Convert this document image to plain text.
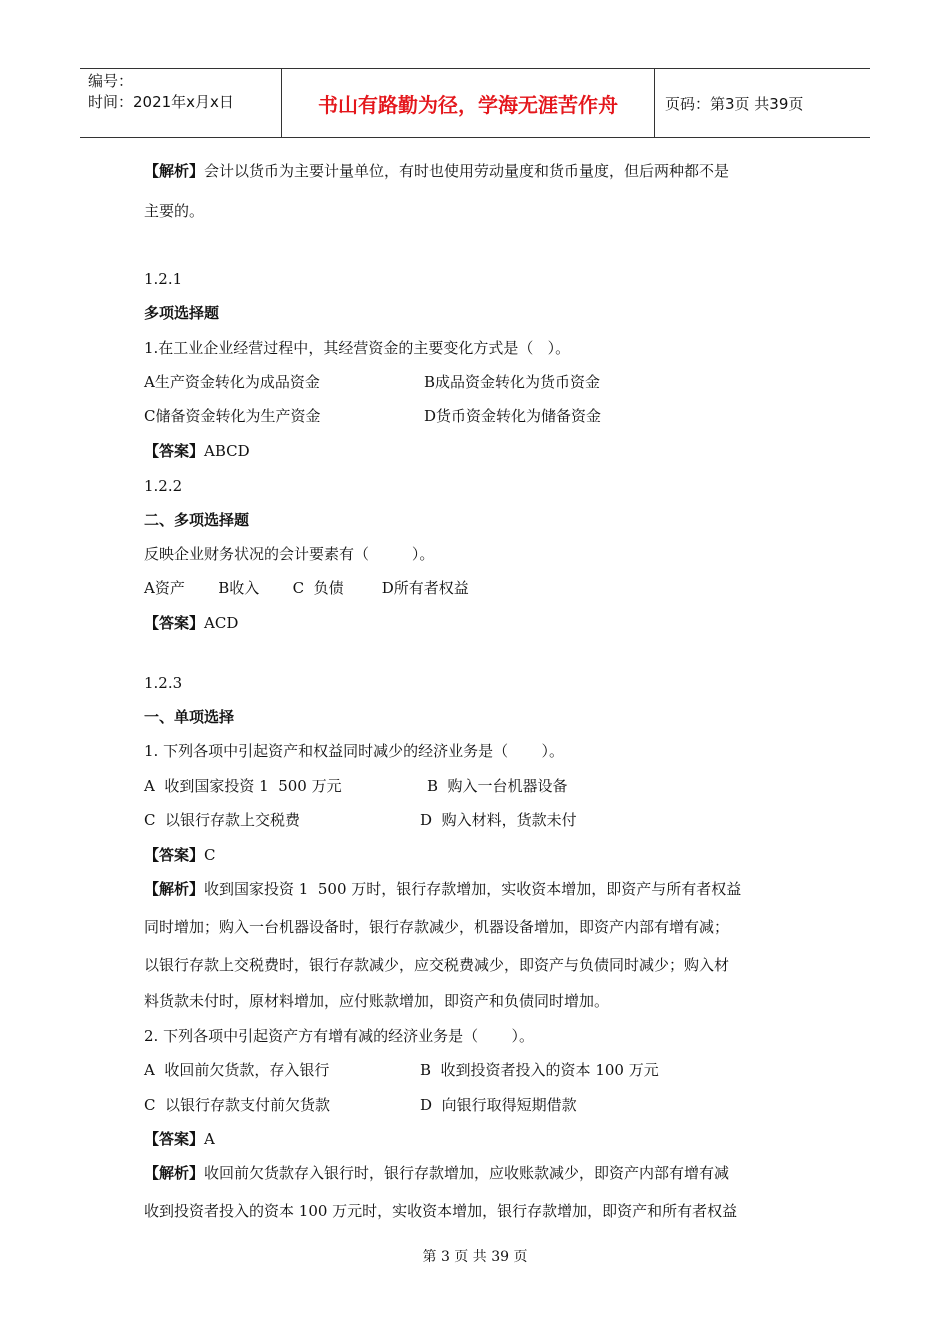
编号：
时间：2021年x月x日	书山有路勤为径，学海无涯苦作舟	页码：第3页 共39页
【解析】会计以货币为主要计量单位，有时也使用劳动量度和货币量度，但后两种都不是
主要的。
1.2.1
多项选择题
1.在工业企业经营过程中，其经营资金的主要变化方式是（   ）。
A生产资金转化为成品资金	B成品资金转化为货币资金
C储备资金转化为生产资金	D货币资金转化为储备资金
【答案】ABCD
1.2.2
二、多项选择题
反映企业财务状况的会计要素有（         ）。
A资产       B收入       C  负债        D所有者权益
【答案】ACD
1.2.3
一、单项选择
1. 下列各项中引起资产和权益同时减少的经济业务是（       ）。
A  收到国家投资 1  500 万元	B  购入一台机器设备
C  以银行存款上交税费	D  购入材料，货款未付
【答案】C
【解析】收到国家投资 1  500 万时，银行存款增加，实收资本增加，即资产与所有者权益
同时增加；购入一台机器设备时，银行存款减少，机器设备增加，即资产内部有增有减；
以银行存款上交税费时，银行存款减少，应交税费减少，即资产与负债同时减少；购入材
料货款未付时，原材料增加，应付账款增加，即资产和负债同时增加。
2. 下列各项中引起资产方有增有减的经济业务是（       ）。
A  收回前欠货款，存入银行	B  收到投资者投入的资本 100 万元
C  以银行存款支付前欠货款	D  向银行取得短期借款
【答案】A
【解析】收回前欠货款存入银行时，银行存款增加，应收账款减少，即资产内部有增有减
收到投资者投入的资本 100 万元时，实收资本增加，银行存款增加，即资产和所有者权益
第 3 页 共 39 页
